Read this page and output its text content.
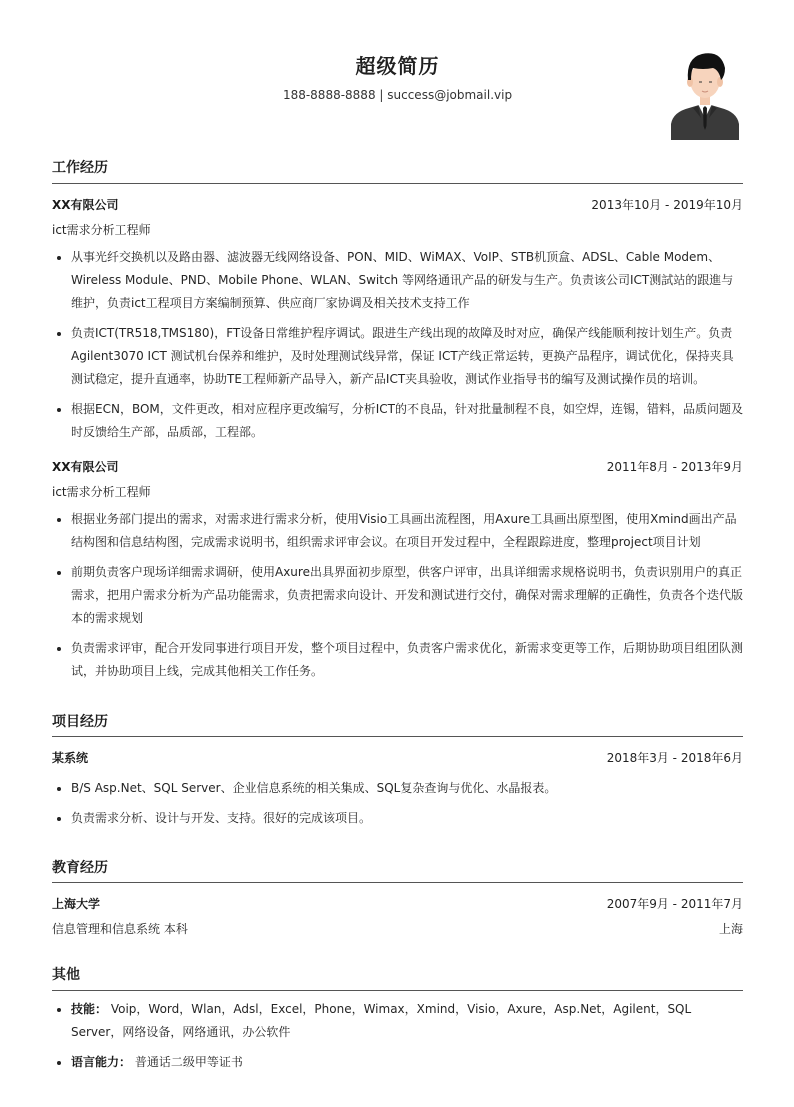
超级简历
188-8888-8888 | success@jobmail.vip
工作经历
XX有限公司	2013年10月 - 2019年10月
ict需求分析工程师
从事光纤交换机以及路由器、滤波器无线网络设备、PON、MID、WiMAX、VoIP、STB机顶盒、ADSL、Cable Modem、Wireless Module、PND、Mobile Phone、WLAN、Switch 等网络通讯产品的研发与生产。负责该公司ICT测試站的跟進与维护，负责ict工程项目方案编制预算、供应商厂家协调及相关技术支持工作
负责ICT(TR518,TMS180)，FT设备日常维护程序调试。跟进生产线出现的故障及时对应，确保产线能顺利按计划生产。负责Agilent3070 ICT 测试机台保养和维护，及时处理测试线异常，保证 ICT产线正常运转，更换产品程序，调试优化，保持夹具测试稳定，提升直通率，协助TE工程师新产品导入，新产品ICT夹具验收，测试作业指导书的编写及测试操作员的培训。
根据ECN，BOM，文件更改，相对应程序更改编写，分析ICT的不良品，针对批量制程不良，如空焊，连锡，错料，品质问题及时反馈给生产部，品质部，工程部。
XX有限公司	2011年8月 - 2013年9月
ict需求分析工程师
根据业务部门提出的需求，对需求进行需求分析，使用Visio工具画出流程图，用Axure工具画出原型图，使用Xmind画出产品结构图和信息结构图，完成需求说明书，组织需求评审会议。在项目开发过程中，全程跟踪进度，整理project项目计划
前期负责客户现场详细需求调研，使用Axure出具界面初步原型，供客户评审，出具详细需求规格说明书，负责识别用户的真正需求，把用户需求分析为产品功能需求，负责把需求向设计、开发和测试进行交付，确保对需求理解的正确性，负责各个迭代版本的需求规划
负责需求评审，配合开发同事进行项目开发，整个项目过程中，负责客户需求优化，新需求变更等工作，后期协助项目组团队测试，并协助项目上线，完成其他相关工作任务。
项目经历
某系统	2018年3月 - 2018年6月
B/S Asp.Net、SQL Server、企业信息系统的相关集成、SQL复杂查询与优化、水晶报表。
负责需求分析、设计与开发、支持。很好的完成该项目。
教育经历
上海大学	2007年9月 - 2011年7月
信息管理和信息系统 本科	上海
其他
技能： Voip，Word，Wlan，Adsl，Excel，Phone，Wimax，Xmind，Visio，Axure，Asp.Net，Agilent，SQL Server，网络设备，网络通讯，办公软件
语言能力： 普通话二级甲等证书
